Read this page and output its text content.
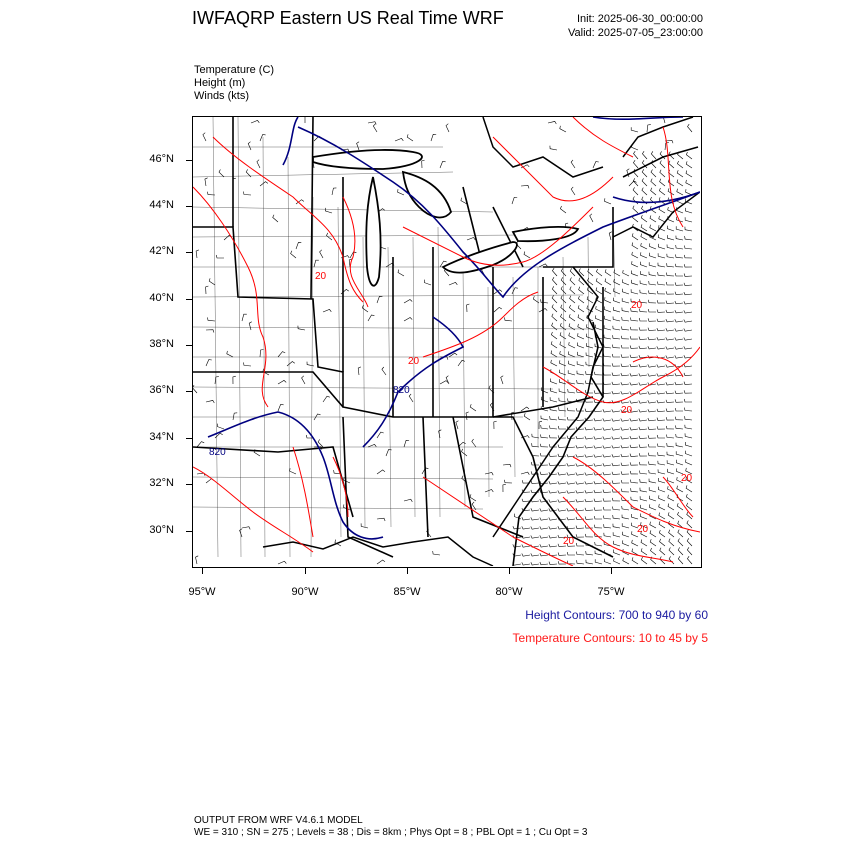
IWFAQRP Eastern US Real Time WRF	Init: 2025-06-30_00:00:00
Valid: 2025-07-05_23:00:00
Temperature (C)
Height (m)
Winds (kts)
20
20
20
20
20
20
20
820
820
46°N
44°N
42°N
40°N
38°N
36°N
34°N
32°N
30°N
95°W	90°W	85°W	80°W	75°W
Height Contours: 700 to 940 by 60
Temperature Contours: 10 to 45 by 5
OUTPUT FROM WRF V4.6.1 MODEL
WE = 310 ; SN = 275 ; Levels = 38 ; Dis = 8km ; Phys Opt = 8 ; PBL Opt = 1 ; Cu Opt = 3
